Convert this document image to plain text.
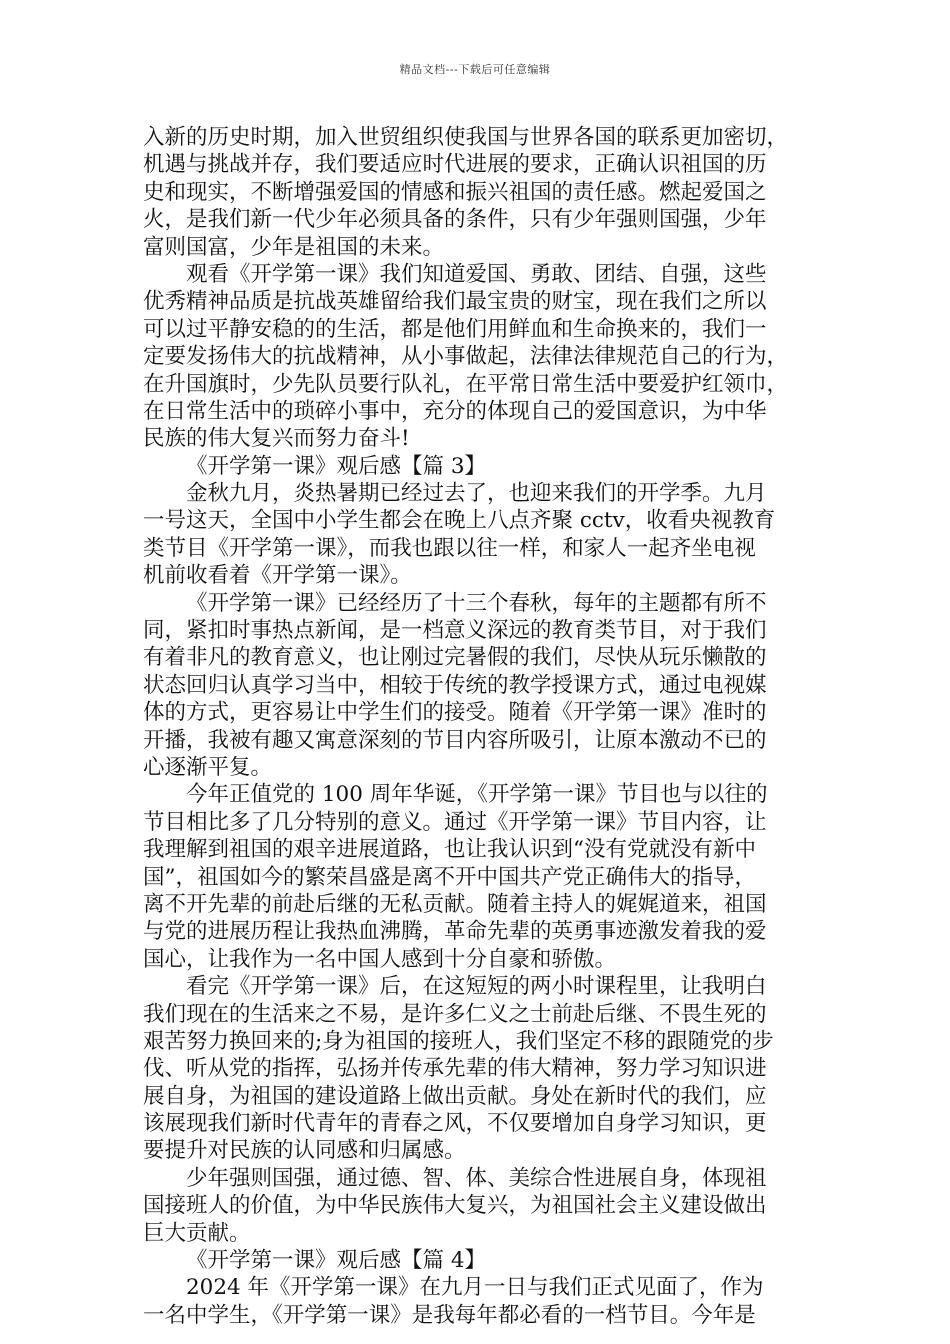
精品文档---下载后可任意编辑
入新的历史时期，加入世贸组织使我国与世界各国的联系更加密切，
机遇与挑战并存，我们要适应时代进展的要求，正确认识祖国的历
史和现实，不断增强爱国的情感和振兴祖国的责任感。燃起爱国之
火，是我们新一代少年必须具备的条件，只有少年强则国强，少年
富则国富，少年是祖国的未来。
观看《开学第一课》我们知道爱国、勇敢、团结、自强，这些
优秀精神品质是抗战英雄留给我们最宝贵的财宝，现在我们之所以
可以过平静安稳的的生活，都是他们用鲜血和生命换来的，我们一
定要发扬伟大的抗战精神，从小事做起，法律法律规范自己的行为，
在升国旗时，少先队员要行队礼，在平常日常生活中要爱护红领巾，
在日常生活中的琐碎小事中，充分的体现自己的爱国意识，为中华
民族的伟大复兴而努力奋斗!
《开学第一课》观后感【篇 3】
金秋九月，炎热暑期已经过去了，也迎来我们的开学季。九月
一号这天，全国中小学生都会在晚上八点齐聚 cctv，收看央视教育
类节目《开学第一课》，而我也跟以往一样，和家人一起齐坐电视
机前收看着《开学第一课》。
《开学第一课》已经经历了十三个春秋，每年的主题都有所不
同，紧扣时事热点新闻，是一档意义深远的教育类节目，对于我们
有着非凡的教育意义，也让刚过完暑假的我们，尽快从玩乐懒散的
状态回归认真学习当中，相较于传统的教学授课方式，通过电视媒
体的方式，更容易让中学生们的接受。随着《开学第一课》准时的
开播，我被有趣又寓意深刻的节目内容所吸引，让原本激动不已的
心逐渐平复。
今年正值党的 100 周年华诞，《开学第一课》节目也与以往的
节目相比多了几分特别的意义。通过《开学第一课》节目内容，让
我理解到祖国的艰辛进展道路，也让我认识到“没有党就没有新中
国”，祖国如今的繁荣昌盛是离不开中国共产党正确伟大的指导，
离不开先辈的前赴后继的无私贡献。随着主持人的娓娓道来，祖国
与党的进展历程让我热血沸腾，革命先辈的英勇事迹激发着我的爱
国心，让我作为一名中国人感到十分自豪和骄傲。
看完《开学第一课》后，在这短短的两小时课程里，让我明白
我们现在的生活来之不易，是许多仁义之士前赴后继、不畏生死的
艰苦努力换回来的;身为祖国的接班人，我们坚定不移的跟随党的步
伐、听从党的指挥，弘扬并传承先辈的伟大精神，努力学习知识进
展自身，为祖国的建设道路上做出贡献。身处在新时代的我们，应
该展现我们新时代青年的青春之风，不仅要增加自身学习知识，更
要提升对民族的认同感和归属感。
少年强则国强，通过德、智、体、美综合性进展自身，体现祖
国接班人的价值，为中华民族伟大复兴，为祖国社会主义建设做出
巨大贡献。
《开学第一课》观后感【篇 4】
2024 年《开学第一课》在九月一日与我们正式见面了，作为
一名中学生，《开学第一课》是我每年都必看的一档节目。今年是
